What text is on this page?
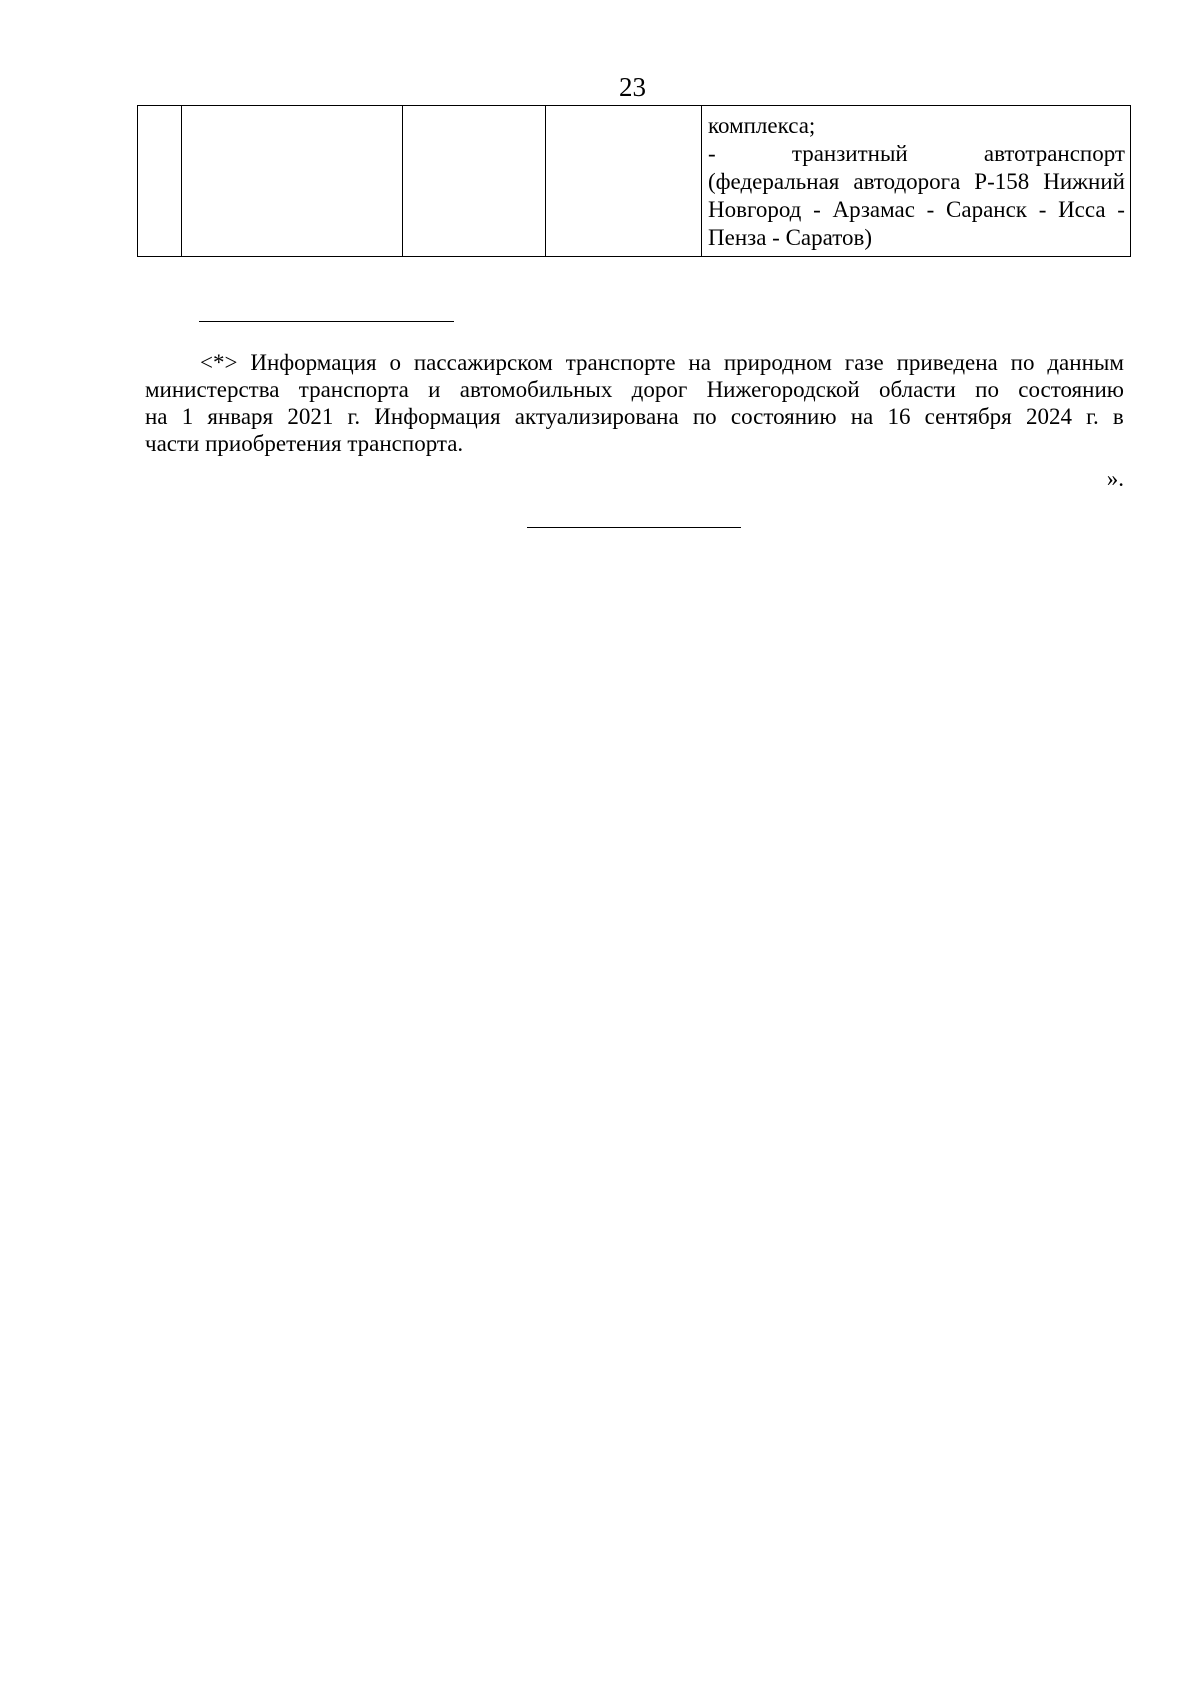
23

комплекса;
-	транзитный	автотранспорт
(федеральная автодорога Р-158 Нижний
Новгород - Арзамас - Саранск - Исса -
Пенза - Саратов)
<*> Информация о пассажирском транспорте на природном газе приведена по данным
министерства транспорта и автомобильных дорог Нижегородской области по состоянию
на 1 января 2021 г. Информация актуализирована по состоянию на 16 сентября 2024 г. в
части приобретения транспорта.
».
